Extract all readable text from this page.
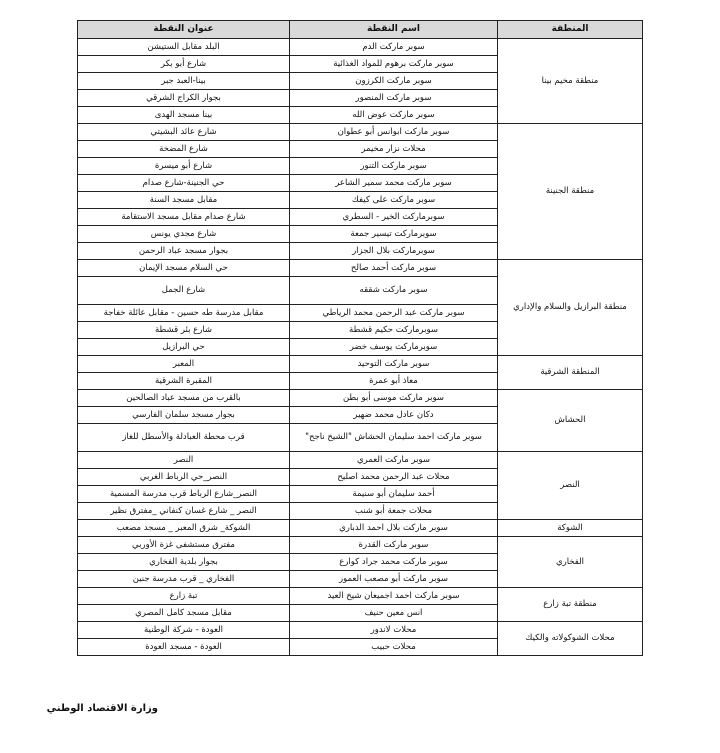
المنطقة	اسم النقطة	عنوان النقطة
منطقة مخيم بينا	سوبر ماركت الدم	البلد مقابل الستيشن
	سوبر ماركت برهوم للمواد الغذائية	شارع أبو بكر
	سوبر ماركت الكرزون	بينا-العبد جبر
	سوبر ماركت المنصور	بجوار الكراج الشرقي
	سوبر ماركت عوض الله	بينا مسجد الهدى
منطقة الجنينة	سوبر ماركت ابوانس أبو عطوان	شارع عائد البشيتي
	محلات نزار مخيمر	شارع المضخة
	سوبر ماركت التنور	شارع أبو ميسرة
	سوبر ماركت محمد سمير الشاعر	حي الجنينة-شارع صدام
	سوبر ماركت على كيفك	مقابل مسجد السنة
	سوبرماركت الخير - السطري	شارع صدام مقابل مسجد الاستقامة
	سوبرماركت تيسير جمعة	شارع مجدي يونس
	سوبرماركت بلال الجزار	بجوار مسجد عباد الرحمن
منطقة البرازيل والسلام والإداري	سوبر ماركت أحمد صالح	حي السلام مسجد الإيمان
	سوبر ماركت شققه	شارع الجمل
	سوبر ماركت عبد الرحمن محمد الرياطي	مقابل مدرسة طه حسين - مقابل عائلة خفاجة
	سوبرماركت حكيم قشطة	شارع بئر قشطة
	سوبرماركت يوسف خضر	حي البرازيل
المنطقة الشرقية	سوبر ماركت التوحيد	المعبر
	معاذ أبو عمرة	المقبرة الشرقية
الحشاش	سوبر ماركت موسى أبو بطن	بالقرب من مسجد عباد الصالحين
	دكان عادل محمد ضهير	بجوار مسجد سلمان الفارسي
	سوبر ماركت احمد سليمان الحشاش "الشيخ ناجح"	قرب محطة العبادلة والأسطل للغاز
النصر	سوبر ماركت العمري	النصر
	محلات عبد الرحمن محمد اصليح	النصر_حي الرباط الغربي
	أحمد سليمان أبو سنيمة	النصر_شارع الرباط قرب مدرسة المسمية
	محلات جمعة أبو شنب	النصر _ شارع غسان كنفاني _مفترق نظير
الشوكة	سوبر ماركت بلال احمد الدباري	الشوكة_ شرق المعبر _ مسجد مصعب
الفخاري	سوبر ماركت القدرة	مفترق مستشفى غزة الأوربي
	سوبر ماركت محمد جراد كوارع	بجوار بلدية الفخاري
	سوبر ماركت أبو مصعب العمور	الفخاري _ قرب مدرسة جنين
منطقة تبة زارع	سوبر ماركت احمد اجميعان شيخ العيد	تبة زارع
	انس معين حنيف	مقابل مسجد كامل المصري
محلات الشوكولاته والكيك	محلات لاندور	العودة - شركة الوطنية
	محلات حبيب	العودة - مسجد العودة
وزارة الاقتصاد الوطني
